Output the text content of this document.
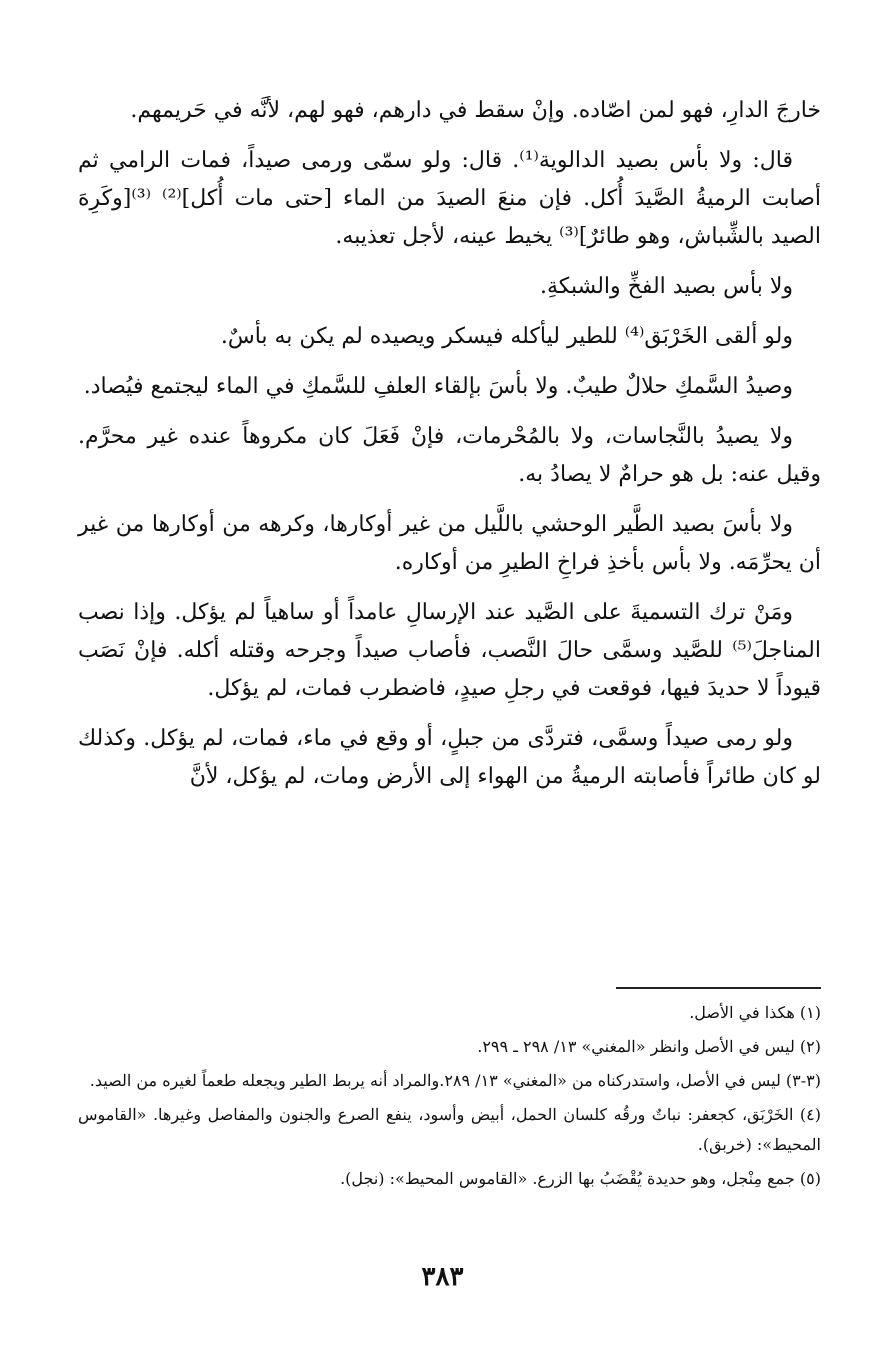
خارجَ الدارِ، فهو لمن اصّاده. وإنْ سقط في دارهم، فهو لهم، لأنَّه في حَريمهم.

قال: ولا بأس بصيد الدالوية⁽¹⁾. قال: ولو سمّى ورمى صيداً، فمات الرامي ثم أصابت الرميةُ الصَّيدَ أُكل. فإن منعَ الصيدَ من الماء [حتى مات أُكل]⁽²⁾ ⁽³⁾[وكَرِهَ الصيد بالشِّباش، وهو طائرٌ]⁽³⁾ يخيط عينه، لأجل تعذيبه.

ولا بأس بصيد الفخِّ والشبكةِ.

ولو ألقى الخَرْبَق⁽⁴⁾ للطير ليأكله فيسكر ويصيده لم يكن به بأسٌ.

وصيدُ السَّمكِ حلالٌ طيبٌ. ولا بأسَ بإلقاء العلفِ للسَّمكِ في الماء ليجتمع فيُصاد.

ولا يصيدُ بالنَّجاسات، ولا بالمُحْرمات، فإنْ فَعَلَ كان مكروهاً عنده غير محرَّم. وقيل عنه: بل هو حرامٌ لا يصادُ به.

ولا بأسَ بصيد الطَّير الوحشي باللَّيل من غير أوكارها، وكرهه من أوكارها من غير أن يحرِّمَه. ولا بأس بأخذِ فراخِ الطيرِ من أوكاره.

ومَنْ ترك التسميةَ على الصَّيد عند الإرسالِ عامداً أو ساهياً لم يؤكل. وإذا نصب المناجلَ⁽⁵⁾ للصَّيد وسمَّى حالَ النَّصب، فأصاب صيداً وجرحه وقتله أكله. فإنْ نَصَب قيوداً لا حديدَ فيها، فوقعت في رجلِ صيدٍ، فاضطرب فمات، لم يؤكل.

ولو رمى صيداً وسمَّى، فتردَّى من جبلٍ، أو وقع في ماء، فمات، لم يؤكل. وكذلك لو كان طائراً فأصابته الرميةُ من الهواء إلى الأرض ومات، لم يؤكل، لأنَّ

(١) هكذا في الأصل.

(٢) ليس في الأصل وانظر «المغني» ١٣/ ٢٩٨ ـ ٢٩٩.

(٣-٣) ليس في الأصل، واستدركناه من «المغني» ١٣/ ٢٨٩.والمراد أنه يربط الطير ويجعله طعماً لغيره من الصيد.

(٤) الخَرْبَق، كجعفر: نباتٌ ورقُه كلسان الحمل، أبيض وأسود، ينفع الصرع والجنون والمفاصل وغيرها. «القاموس المحيط»: (خربق).

(٥) جمع مِنْجل، وهو حديدة يُقْضَبُ بها الزرع. «القاموس المحيط»: (نجل).

٣٨٣
